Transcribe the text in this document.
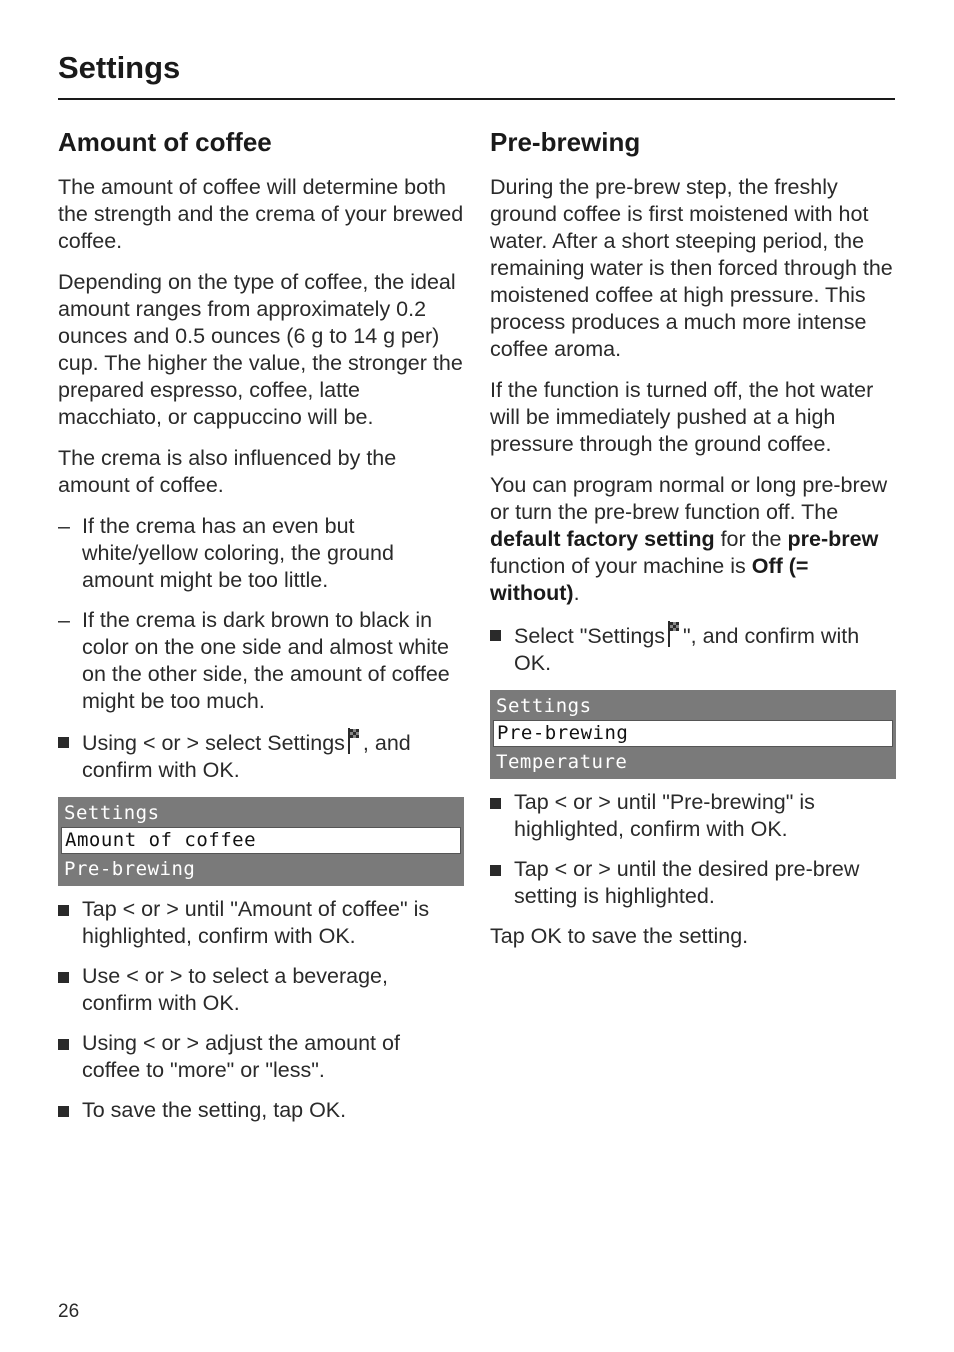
Settings
Amount of coffee

The amount of coffee will determine both the strength and the crema of your brewed coffee.

Depending on the type of coffee, the ideal amount ranges from approximately 0.2 ounces and 0.5 ounces (6 g to 14 g per) cup. The higher the value, the stronger the prepared espresso, coffee, latte macchiato, or cappuccino will be.

The crema is also influenced by the amount of coffee.

– If the crema has an even but white/yellow coloring, the ground amount might be too little.
– If the crema is dark brown to black in color on the one side and almost white on the other side, the amount of coffee might be too much.
Using < or > select Settings , and confirm with OK.
Settings
Amount of coffee
Pre-brewing
Tap < or > until "Amount of coffee" is highlighted, confirm with OK.
Use < or > to select a beverage, confirm with OK.
Using < or > adjust the amount of coffee to "more" or "less".
To save the setting, tap OK.
Pre-brewing

During the pre-brew step, the freshly ground coffee is first moistened with hot water. After a short steeping period, the remaining water is then forced through the moistened coffee at high pressure. This process produces a much more intense coffee aroma.

If the function is turned off, the hot water will be immediately pushed at a high pressure through the ground coffee.

You can program normal or long pre-brew or turn the pre-brew function off. The default factory setting for the pre-brew function of your machine is Off (= without).

Select "Settings ", and confirm with OK.
Settings
Pre-brewing
Temperature
Tap < or > until "Pre-brewing" is highlighted, confirm with OK.
Tap < or > until the desired pre-brew setting is highlighted.

Tap OK to save the setting.

26
